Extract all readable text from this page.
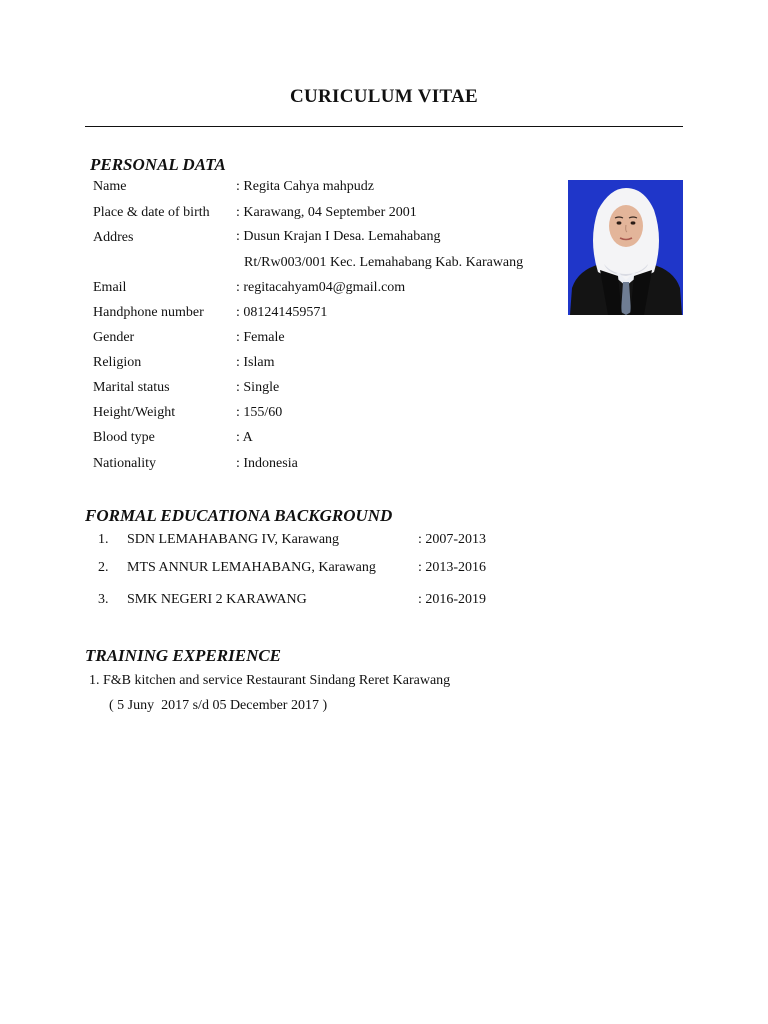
CURICULUM VITAE
PERSONAL DATA
Name	: Regita Cahya mahpudz
Place & date of birth : Karawang, 04 September 2001
Addres	: Dusun Krajan I Desa. Lemahabang
Rt/Rw003/001 Kec. Lemahabang Kab. Karawang
Email	: regitacahyam04@gmail.com
Handphone number : 081241459571
Gender	: Female
Religion	: Islam
Marital status	: Single
Height/Weight	: 155/60
Blood type	: A
Nationality	: Indonesia
FORMAL EDUCATIONA BACKGROUND
1. SDN LEMAHABANG IV, Karawang	: 2007-2013
2. MTS ANNUR LEMAHABANG, Karawang	: 2013-2016
3. SMK NEGERI 2 KARAWANG	: 2016-2019
TRAINING EXPERIENCE
1. F&B kitchen and service Restaurant Sindang Reret Karawang
( 5 Juny  2017 s/d 05 December 2017 )
